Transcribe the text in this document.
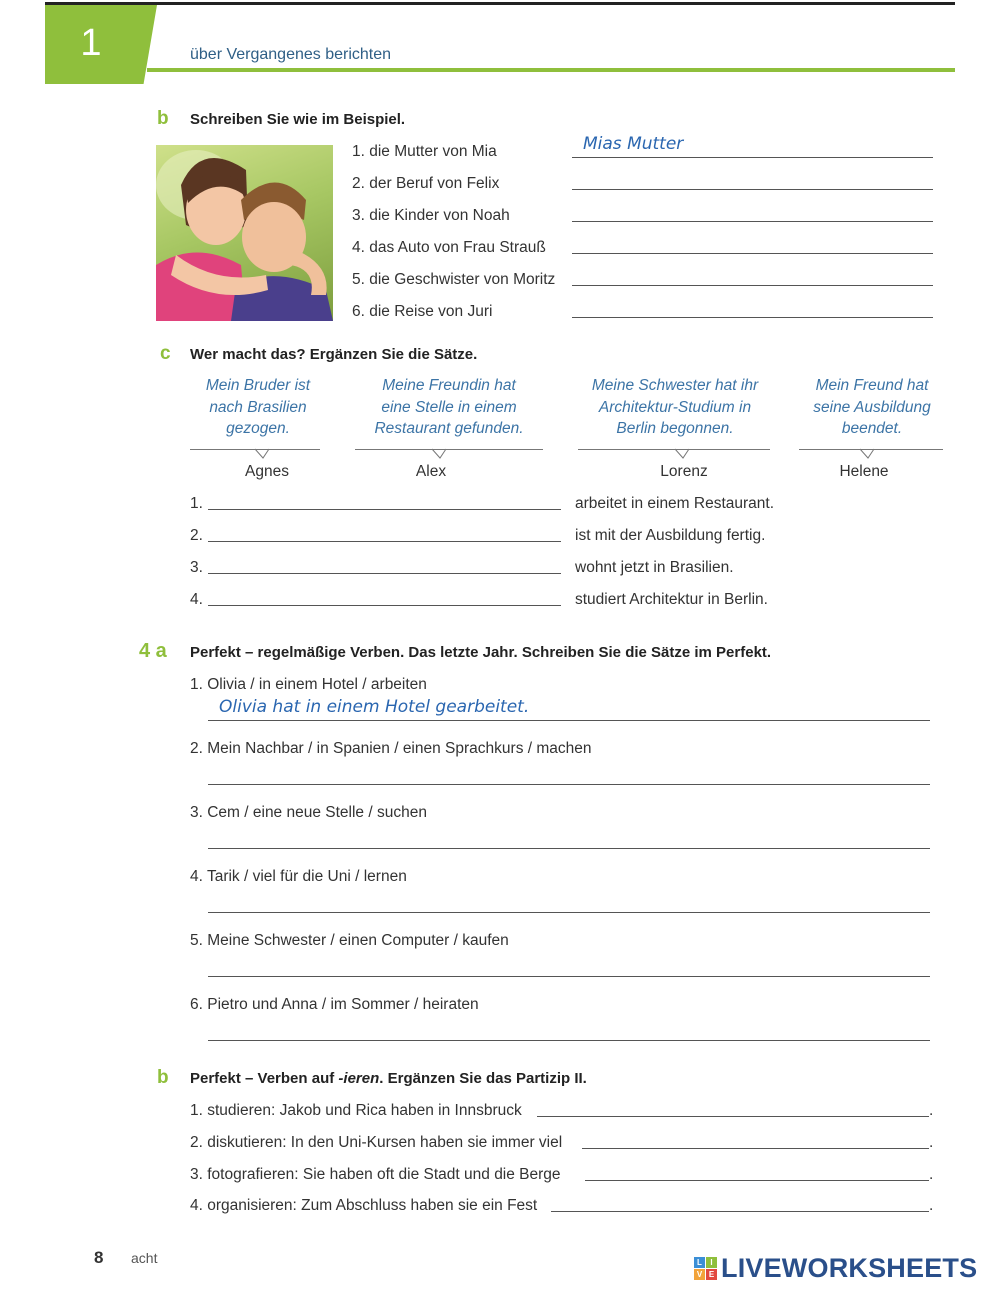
1	über Vergangenes berichten
b Schreiben Sie wie im Beispiel.
1. die Mutter von Mia	Mias Mutter
2. der Beruf von Felix
3. die Kinder von Noah
4. das Auto von Frau Strauß
5. die Geschwister von Moritz
6. die Reise von Juri
c Wer macht das? Ergänzen Sie die Sätze.
Mein Bruder ist
nach Brasilien
gezogen.
Agnes
Meine Freundin hat
eine Stelle in einem
Restaurant gefunden.
Alex
Meine Schwester hat ihr
Architektur-Studium in
Berlin begonnen.
Lorenz
Mein Freund hat
seine Ausbildung
beendet.
Helene
1.	arbeitet in einem Restaurant.
2.	ist mit der Ausbildung fertig.
3.	wohnt jetzt in Brasilien.
4.	studiert Architektur in Berlin.
4 a Perfekt – regelmäßige Verben. Das letzte Jahr. Schreiben Sie die Sätze im Perfekt.
1. Olivia / in einem Hotel / arbeiten
Olivia hat in einem Hotel gearbeitet.
2. Mein Nachbar / in Spanien / einen Sprachkurs / machen
3. Cem / eine neue Stelle / suchen
4. Tarik / viel für die Uni / lernen
5. Meine Schwester / einen Computer / kaufen
6. Pietro und Anna / im Sommer / heiraten
b Perfekt – Verben auf -ieren. Ergänzen Sie das Partizip II.
1. studieren: Jakob und Rica haben in Innsbruck	.
2. diskutieren: In den Uni-Kursen haben sie immer viel	.
3. fotografieren: Sie haben oft die Stadt und die Berge	.
4. organisieren: Zum Abschluss haben sie ein Fest	.
8 acht	L	I
V E LIVEWORKSHEETS
